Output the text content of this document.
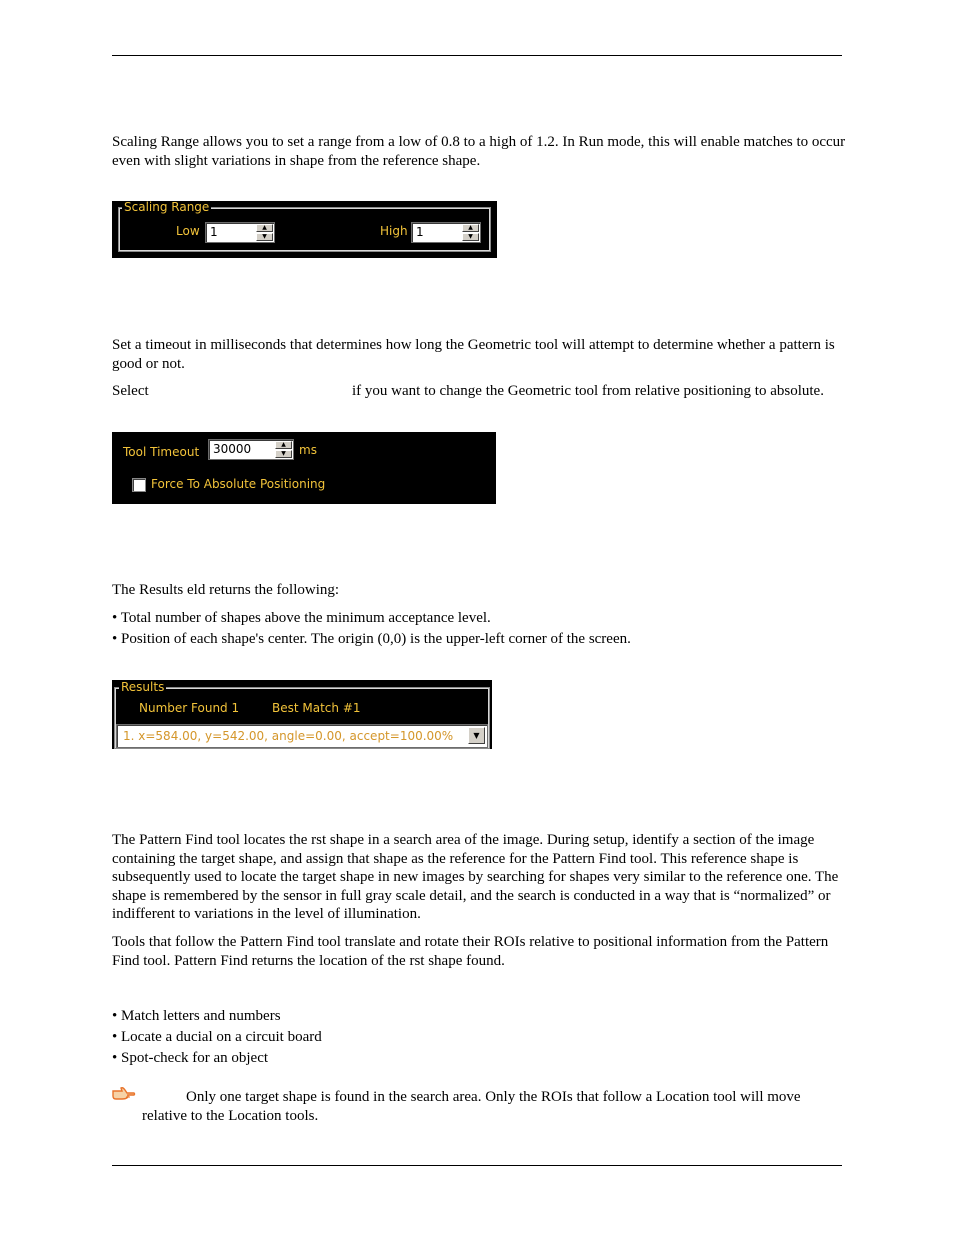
Scaling Range allows you to set a range from a low of 0.8 to a high of 1.2. In Run mode, this will enable matches to occur even with slight variations in shape from the reference shape.

Scaling Range
Low 1	▲
▼	High 1	▲
▼

Set a timeout in milliseconds that determines how long the Geometric tool will attempt to determine whether a pattern is good or not.

Select	if you want to change the Geometric tool from relative positioning to absolute.

Tool Timeout 30000	▲
▼	ms
Force To Absolute Positioning

The Results eld returns the following:

• Total number of shapes above the minimum acceptance level.

• Position of each shape's center. The origin (0,0) is the upper-left corner of the screen.

Results
Number Found 1	Best Match #1
1. x=584.00, y=542.00, angle=0.00, accept=100.00%	▼

The Pattern Find tool locates the rst shape in a search area of the image. During setup, identify a section of the image containing the target shape, and assign that shape as the reference for the Pattern Find tool. This reference shape is subsequently used to locate the target shape in new images by searching for shapes very similar to the reference one. The shape is remembered by the sensor in full gray scale detail, and the search is conducted in a way that is “normalized” or indifferent to variations in the level of illumination.

Tools that follow the Pattern Find tool translate and rotate their ROIs relative to positional information from the Pattern Find tool. Pattern Find returns the location of the rst shape found.

• Match letters and numbers

• Locate a ducial on a circuit board

• Spot-check for an object

Only one target shape is found in the search area. Only the ROIs that follow a Location tool will move relative to the Location tools.
